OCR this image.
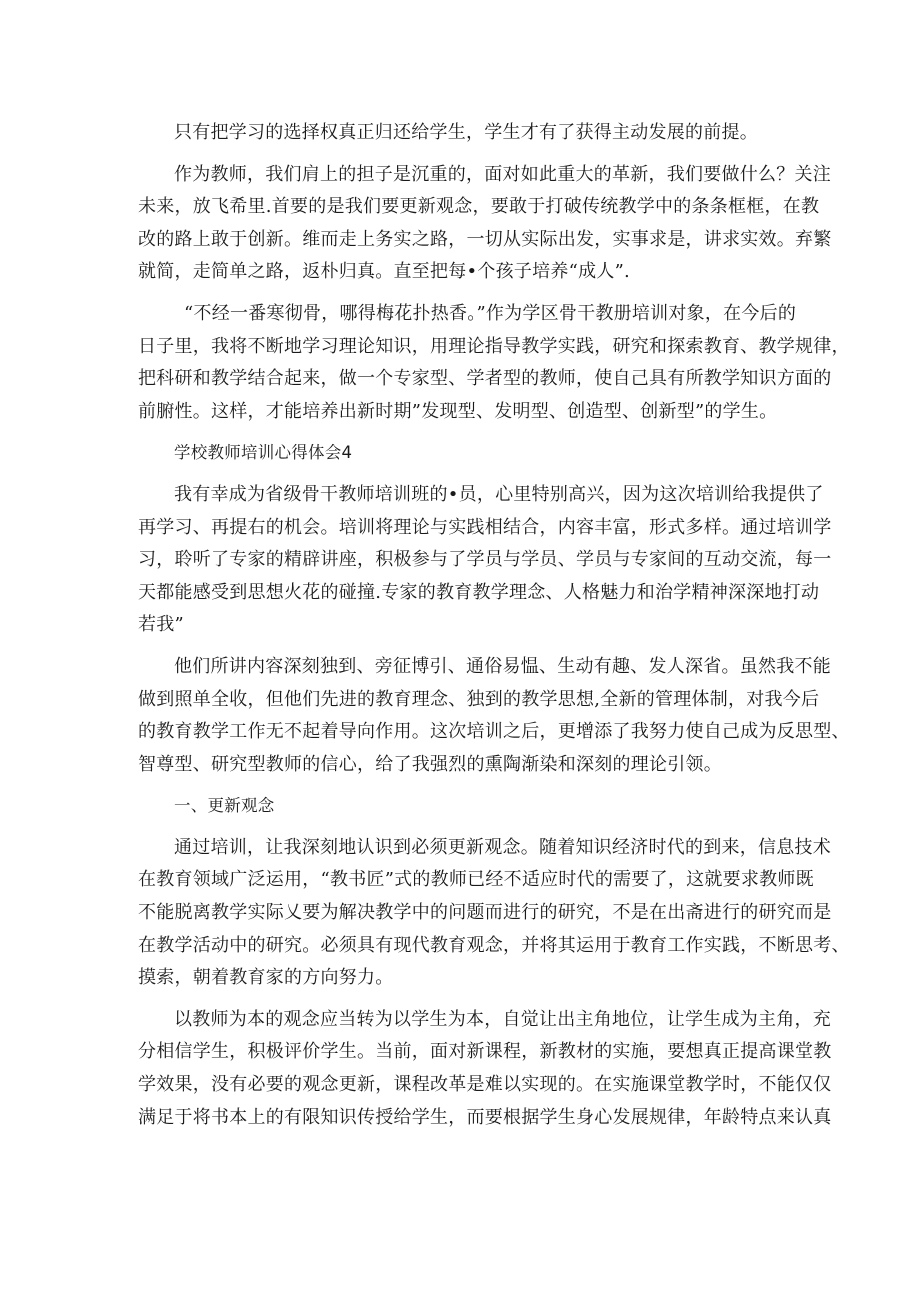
只有把学习的选择权真正归还给学生，学生才有了获得主动发展的前提。
作为教师，我们肩上的担子是沉重的，面对如此重大的革新，我们要做什么？关注
未来，放飞希里.首要的是我们要更新观念，要敢于打破传统教学中的条条框框，在教
改的路上敢于创新。维而走上务实之路，一切从实际出发，实事求是，讲求实效。弃繁
就简，走简单之路，返朴归真。直至把每•个孩子培养“成人”.
“不经一番寒彻骨，哪得梅花扑热香。”作为学区骨干教册培训对象，在今后的
日子里，我将不断地学习理论知识，用理论指导教学实践，研究和探索教育、教学规律，
把科研和教学结合起来，做一个专家型、学者型的教师，使自己具有所教学知识方面的
前腑性。这样，才能培养出新时期”发现型、发明型、创造型、创新型”的学生。
学校教师培训心得体会4
我有幸成为省级骨干教师培训班的•员，心里特别高兴，因为这次培训给我提供了
再学习、再提右的机会。培训将理论与实践相结合，内容丰富，形式多样。通过培训学
习，聆听了专家的精辟讲座，积极参与了学员与学员、学员与专家间的互动交流，每一
天都能感受到思想火花的碰撞.专家的教育教学理念、人格魅力和治学精神深深地打动
若我”
他们所讲内容深刻独到、旁征博引、通俗易愠、生动有趣、发人深省。虽然我不能
做到照单全收，但他们先进的教育理念、独到的教学思想,全新的管理体制，对我今后
的教育教学工作无不起着导向作用。这次培训之后，更增添了我努力使自己成为反思型、
智尊型、研究型教师的信心，给了我强烈的熏陶渐染和深刻的理论引领。
一、更新观念
通过培训，让我深刻地认识到必须更新观念。随着知识经济时代的到来，信息技术
在教育领域广泛运用，“教书匠”式的教师已经不适应时代的需要了，这就要求教师既
不能脱离教学实际乂要为解决教学中的问题而进行的研究，不是在出斋进行的研究而是
在教学活动中的研究。必须具有现代教育观念，并将其运用于教育工作实践，不断思考、
摸索，朝着教育家的方向努力。
以教师为本的观念应当转为以学生为本，自觉让出主角地位，让学生成为主角，充
分相信学生，积极评价学生。当前，面对新课程，新教材的实施，要想真正提高课堂教
学效果，没有必要的观念更新，课程改革是难以实现的。在实施课堂教学时，不能仅仅
满足于将书本上的有限知识传授给学生，而要根据学生身心发展规律，年龄特点来认真
